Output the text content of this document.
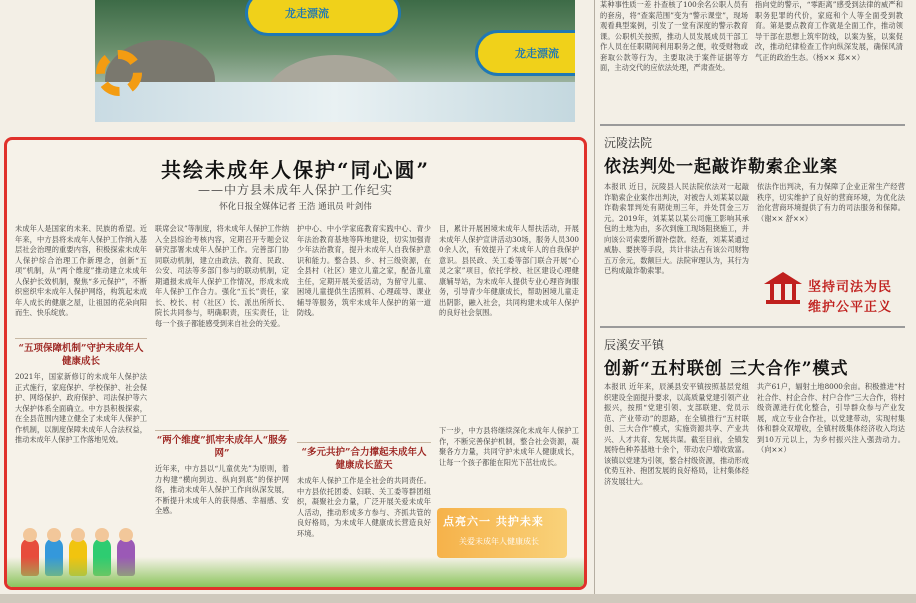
龙走漂流
龙走漂流
某种事性质一差 扑查核了100余名公职人员有的套房，将“查案范围”变为“警示课堂”，现场观看典型案例，引发了一堂有深度的警示教育课。公职机关按照，推动人员发展成员干部工作人员在任职期间利用职务之便，收受财物或套取公款等行为，主要取决于案件证据等方面，主动交代的应依法处理，严肃查处。
指向党的警示，“零距离”感受到法律的威严和职务犯罪的代价，家庭和个人等全面受到教育。第是要点教育工作就是全面工作，推动领导干部在思想上筑牢防线，以案为鉴，以案促改，推动纪律检查工作向纵深发展，确保风清气正的政治生态。（杨×× 郑××）
沅陵法院
依法判处一起敲诈勒索企业案
本报讯 近日，沅陵县人民法院依法对一起敲诈勒索企业案作出判决，对被告人刘某某以敲诈勒索罪判处有期徒刑三年，并处罚金三万元。2019年，刘某某以某公司施工影响其承包的土地为由，多次到施工现场阻挠施工，并向该公司索要所谓补偿款。经查，刘某某通过威胁、要挟等手段，共计非法占有该公司财物五万余元，数额巨大。法院审理认为，其行为已构成敲诈勒索罪。
依法作出判决，有力保障了企业正常生产经营秩序，切实维护了良好的营商环境，为优化法治化营商环境提供了有力的司法服务和保障。（谢×× 舒××）
坚持司法为民
维护公平正义
辰溪安平镇
创新“五村联创 三大合作”模式
本报讯 近年来，辰溪县安平镇按照基层党组织建设全面提升要求，以高质量党建引领产业振兴，按照“党建引领、支部联建、党员示范、产业带动”的思路，在全镇推行“五村联创、三大合作”模式，实施资源共享、产业共兴、人才共育、发展共谋。截至目前，全镇发展特色种养基地十余个，带动农户增收致富。该镇以党建为引领，整合村级资源，推动形成优势互补、抱团发展的良好格局，让村集体经济发展壮大。
共产61户，辐射土地8000余亩。积极推进“村社合作、村企合作、村户合作”三大合作，将村级资源进行优化整合，引导群众参与产业发展，成立专业合作社，以党建带动，实现村集体和群众双增收，全镇村级集体经济收入均达到10万元以上，为乡村振兴注入强劲动力。（向××）
共绘未成年人保护“同心圆”
——中方县未成年人保护工作纪实
怀化日报全媒体记者 王浩 通讯员 叶剑伟
未成年人是国家的未来、民族的希望。近年来，中方县将未成年人保护工作纳入基层社会治理的重要内容，积极探索未成年人保护综合治理工作新理念，创新“五项”机制，从“两个维度”推动建立未成年人保护长效机制，聚焦“多元保护”，不断织密织牢未成年人保护网络，构筑起未成年人成长的健康之屋，让祖国的花朵向阳而生、快乐绽放。
“五项保障机制”守护未成年人健康成长
2021年，国家新修订的未成年人保护法正式施行，家庭保护、学校保护、社会保护、网络保护、政府保护、司法保护等六大保护体系全面确立。中方县积极探索，在全县范围内建立健全了未成年人保护工作机制，以制度保障未成年人合法权益，推动未成年人保护工作落地见效。
联席会议”等制度，将未成年人保护工作纳入全县综治考核内容，定期召开专题会议研究部署未成年人保护工作。完善部门协同联动机制，建立由政法、教育、民政、公安、司法等多部门参与的联动机制，定期通报未成年人保护工作情况，形成未成年人保护工作合力。强化“五长”责任，家长、校长、村（社区）长、派出所所长、院长共同参与，明确职责，压实责任，让每一个孩子都能感受到来自社会的关爱。
“两个维度”抓牢未成年人“服务网”
近年来，中方县以“儿童优先”为原则，着力构建“横向到边、纵向到底”的保护网络，推动未成年人保护工作向纵深发展，不断提升未成年人的获得感、幸福感、安全感。
护中心、中小学家庭教育实践中心、青少年法治教育基地等阵地建设，切实加强青少年法治教育，提升未成年人自我保护意识和能力。整合县、乡、村三级资源，在全县村（社区）建立儿童之家，配备儿童主任，定期开展关爱活动，为留守儿童、困境儿童提供生活照料、心理疏导、课业辅导等服务，筑牢未成年人保护的第一道防线。
“多元共护”合力撑起未成年人健康成长蓝天
未成年人保护工作是全社会的共同责任。中方县依托团委、妇联、关工委等群团组织，凝聚社会力量，广泛开展关爱未成年人活动，推动形成多方参与、齐抓共管的良好格局，为未成年人健康成长营造良好环境。
目，累计开展困境未成年人帮扶活动，开展未成年人保护宣讲活动30场，服务人员3000余人次，有效提升了未成年人的自我保护意识。县民政、关工委等部门联合开展“心灵之家”项目，依托学校、社区建设心理健康辅导站，为未成年人提供专业心理咨询服务，引导青少年健康成长，帮助困境儿童走出阴影，融入社会，共同构建未成年人保护的良好社会氛围。
下一步，中方县将继续深化未成年人保护工作，不断完善保护机制，整合社会资源，凝聚各方力量，共同守护未成年人健康成长，让每一个孩子都能在阳光下茁壮成长。
点亮六一 共护未来
关爱未成年人健康成长
